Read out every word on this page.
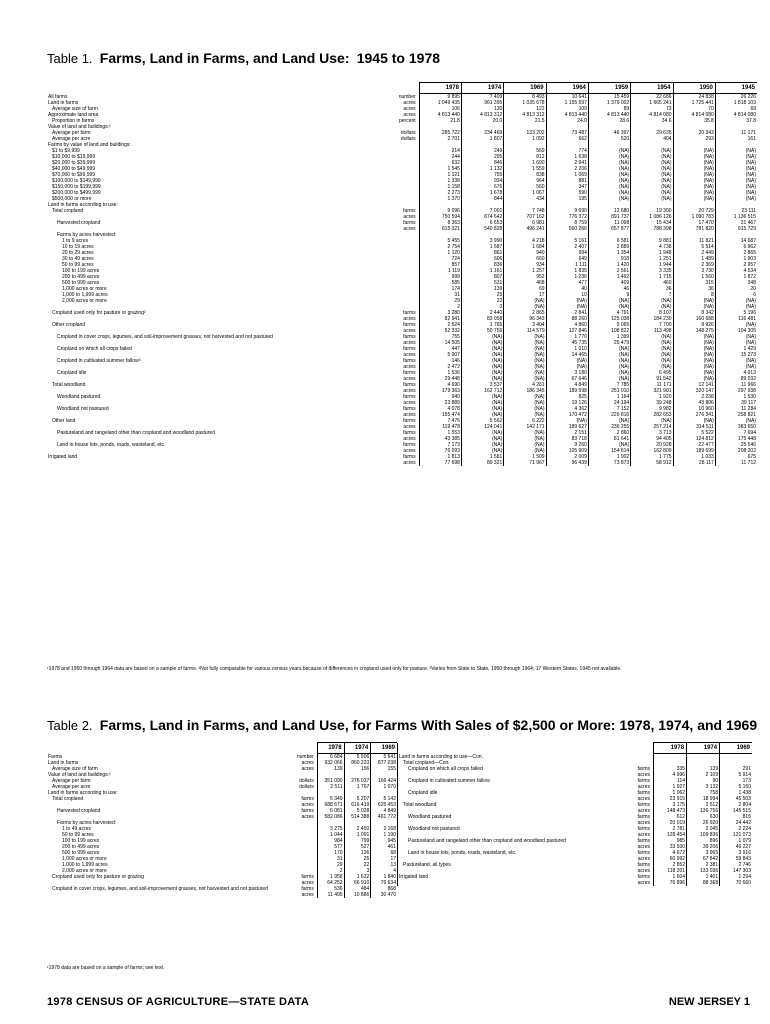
Table 1. Farms, Land in Farms, and Land Use: 1945 to 1978
		1978	1974	1969	1964	1959	1954	1950	1945
All farms	number	9 895	7 409	8 493	10 641	15 459	22 686	24 838	26 226
Land in farms	acres	1 049 435	961 395	1 035 678	1 155 597	1 379 002	1 665 241	1 725 441	1 818 103
Average size of farm	acres	106	130	122	109	89	73	70	69
Approximate land area	acres	4 813 440	4 813 312	4 813 312	4 813 440	4 813 440	4 814 080	4 814 080	4 814 080
Proportion in farms	percent	21.8	20.0	21.5	24.0	28.6	34.6	35.8	37.8
Value of land and buildings:¹									
Average per farm	dollars	285 722	234 469	133 202	73 487	46 397	29 635	20 343	11 171
Average per acre	dollars	2 701	1 807	1 092	662	520	404	293	161
Farms by value of land and buildings:									
$1 to $9,999		214	249	569	774	(NA)	(NA)	(NA)	(NA)
$10,000 to $19,999		244	295	812	1 638	(NA)	(NA)	(NA)	(NA)
$20,000 to $39,999		632	846	1 690	2 941	(NA)	(NA)	(NA)	(NA)
$40,000 to $49,999		1 545	1 132	1 559	2 206	(NA)	(NA)	(NA)	(NA)
$70,000 to $99,999		1 121	755	838	1 069	(NA)	(NA)	(NA)	(NA)
$100,000 to $149,999		1 338	934	964	881	(NA)	(NA)	(NA)	(NA)
$150,000 to $199,999		1 158	676	560	347	(NA)	(NA)	(NA)	(NA)
$200,000 to $499,999		2 273	1 678	1 067	590	(NA)	(NA)	(NA)	(NA)
$500,000 or more		1 370	844	434	195	(NA)	(NA)	(NA)	(NA)
Land in farms according to use:									
Total cropland	farms	9 096	7 001	7 748	9 690	12 680	19 300	20 729	23 111
	acres	750 594	674 642	707 162	776 372	891 737	1 086 126	1 090 783	1 136 515
Harvested cropland	farms	8 363	6 653	6 981	8 759	11 098	15 434	17 470	21 467
	acres	615 321	540 828	496 241	560 266	657 877	788 398	781 820	915 729
Farms by acres harvested:									
1 to 9 acres		5 455	3 990	4 218	5 161	6 581	9 881	11 821	14 687
10 to 19 acres		2 754	1 687	1 684	2 407	2 889	4 738	5 514	6 962
20 to 29 acres		1 120	861	940	994	1 354	1 948	2 449	2 865
30 to 49 acres		724	606	660	649	918	1 251	1 489	1 903
50 to 99 acres		857	836	934	1 111	1 420	1 944	2 369	2 957
100 to 199 acres		1 119	1 161	1 257	1 835	2 561	3 335	3 730	4 534
200 to 499 acres		999	807	952	1 236	1 492	1 715	1 560	1 872
500 to 999 acres		585	531	468	477	409	460	315	348
1,000 acres or more		174	139	69	40	46	36	36	20
1,000 to 1,999 acres		31	25	17	10	9	7	8	6
2,000 acres or more		29	22	(NA)	(NA)	(NA)	(NA)	(NA)	(NA)
		2	3	(NA)	(NA)	(NA)	(NA)	(NA)	(NA)
Cropland used only for pasture or grazing²	farms	3 280	2 440	2 865	2 841	4 791	8 107	8 342	5 196
	acres	82 941	83 058	96 343	88 260	125 038	184 230	160 688	116 481
Other cropland	farms	2 524	1 765	3 404	4 860	5 065	7 700	8 926	(NA)
	acres	52 332	50 756	114 579	127 846	108 822	113 498	148 275	104 305
Cropland in cover crops, legumes, and soil-improvement grasses, not harvested and not pastured	farms	755	(NA)	(NA)	1 770	1 399	(NA)	(NA)	(NA)
	acres	14 505	(NA)	(NA)	45 735	25 479	(NA)	(NA)	(NA)
Cropland on which all crops failed	farms	447	(NA)	(NA)	1 010	(NA)	(NA)	(NA)	1 429
	acres	5 907	(NA)	(NA)	14 465	(NA)	(NA)	(NA)	15 273
Cropland in cultivated summer fallow³	farms	146	(NA)	(NA)	(NA)	(NA)	(NA)	(NA)	(NA)
	acres	2 472	(NA)	(NA)	(NA)	(NA)	(NA)	(NA)	(NA)
Cropland idle	farms	1 536	(NA)	(NA)	3 180	(NA)	6 495	(NA)	4 913
	acres	29 448	(NA)	(NA)	67 646	(NA)	91 542	(NA)	89 032
Total woodland	farms	4 690	3 537	4 261	4 849	7 785	11 171	12 141	11 966
	acres	179 363	162 712	186 345	189 598	251 010	321 901	320 147	297 938
Woodland pastured	farms	940	(NA)	(NA)	825	1 164	1 920	2 238	1 530
	acres	23 889	(NA)	(NA)	19 126	24 194	39 248	43 806	39 117
Woodland not pastured	farms	4 078	(NA)	(NA)	4 362	7 152	9 982	10 960	11 284
	acres	155 474	(NA)	(NA)	170 472	226 816	282 653	276 341	258 821
Other land	farms	7 476	5 562	6 222	(NA)	(NA)	(NA)	(NA)	(NA)
	acres	119 478	124 041	142 171	189 627	236 255	257 214	314 511	383 650
Pastureland and rangeland other than cropland and woodland pastured	farms	1 553	(NA)	(NA)	2 151	2 860	3 713	5 522	7 694
	acres	43 385	(NA)	(NA)	83 718	81 641	94 405	124 812	175 448
Land in house lots, ponds, roads, wasteland, etc.	farms	7 173	(NA)	(NA)	9 260	(NA)	20 928	22 477	25 546
	acres	76 093	(NA)	(NA)	105 909	154 614	162 809	189 699	208 202
Irrigated land	farms	1 813	1 581	1 509	2 009	1 902	1 775	1 033	675
	acres	77 698	89 321	71 967	96 439	73 873	58 912	28 117	11 712
¹1978 and 1950 through 1964 data are based on a sample of farms. ²Not fully comparable for various census years because of differences in cropland used only for pasture. ³Varies from State to State, 1950 through 1964; 17 Western States, 1945 not available.
Table 2. Farms, Land in Farms, and Land Use, for Farms With Sales of $2,500 or More: 1978, 1974, and 1969
		1978	1974	1969
Farms	number	6 684	5 506	5 641
Land in farms	acres	932 066	860 223	877 038
Average size of farm	acres	139	156	155
Value of land and buildings:¹				
Average per farm	dollars	351 090	276 037	166 424
Average per acre	dollars	2 511	1 767	1 070
Land in farms according to use:				
Total cropland	farms	6 349	5 207	5 142
	acres	688 671	616 419	625 453
Harvested cropland	farms	6 081	5 028	4 849
	acres	582 086	514 388	461 772
Farms by acres harvested:				
1 to 49 acres		3 275	2 450	2 168
50 to 99 acres		1 044	1 091	1 190
100 to 199 acres		984	799	945
200 to 499 acres		577	527	461
500 to 999 acres		170	136	68
1,000 acres or more		31	25	17
1,000 to 1,999 acres		29	22	13
2,000 acres or more		2	3	4
Cropland used only for pasture or grazing	farms	1 958	1 632	1 840
	acres	64 252	66 910	76 634
Cropland in cover crops, legumes, and soil-improvement grasses, not harvested and not pastured	farms	536	484	868
	acres	11 495	10 886	30 470
		1978	1974	1969
Land in farms according to use—Con.				
Total cropland—Con.				
Cropland on which all crops failed	farms	335	139	291
	acres	4 996	2 109	5 914
Cropland in cultivated summer fallow	farms	114	90	173
	acres	1 927	3 132	5 160
Cropland idle	farms	1 062	758	1 438
	acres	23 915	18 994	45 503
Total woodland	farms	3 175	2 512	2 804
	acres	148 473	136 756	145 515
Woodland pastured	farms	612	630	815
	acres	20 019	26 920	24 442
Woodland not pastured	farms	2 781	2 045	2 224
	acres	128 454	109 836	121 073
Pastureland and rangeland other than cropland and woodland pastured	farms	985	896	1 079
	acres	33 930	39 206	46 227
Land in house lots, ponds, roads, wasteland, etc.	farms	4 672	3 965	3 916
	acres	60 992	67 842	59 843
Pastureland, all types	farms	2 852	2 381	2 746
	acres	118 201	133 036	147 303
Irrigated land	farms	1 604	1 401	1 294
	acres	76 896	88 368	70 660
¹1978 data are based on a sample of farms; see text.
1978 CENSUS OF AGRICULTURE—STATE DATA	NEW JERSEY 1
